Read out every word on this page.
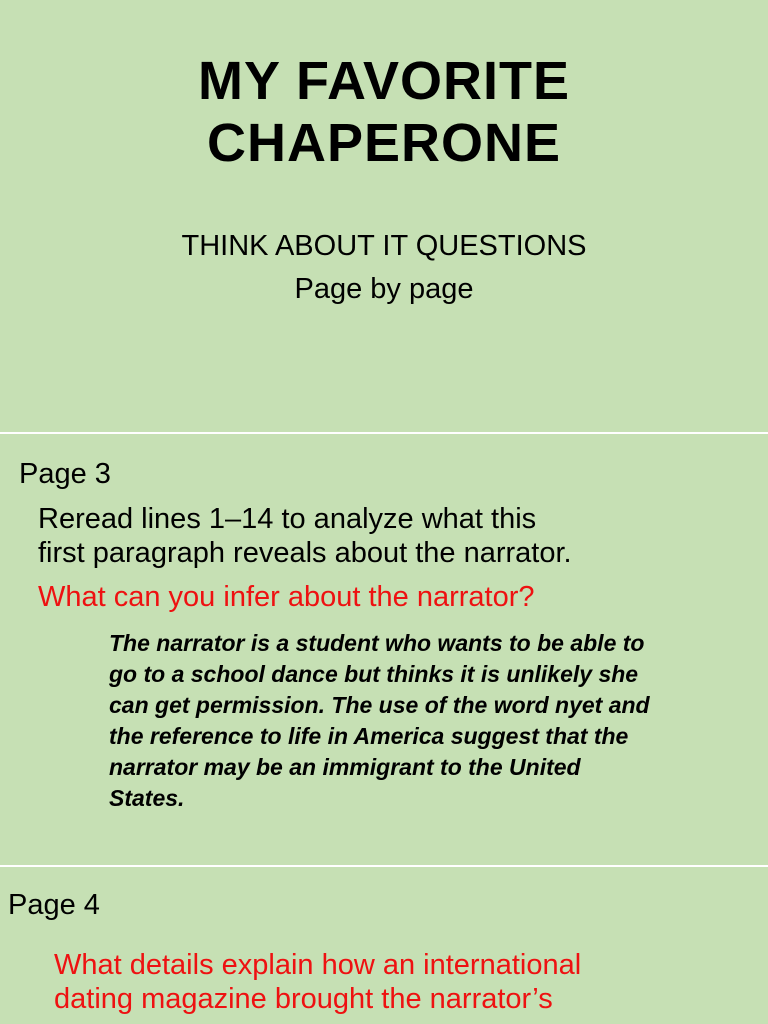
MY FAVORITE
CHAPERONE
THINK ABOUT IT QUESTIONS
Page by page
Page 3
Reread lines 1–14 to analyze what this
first paragraph reveals about the narrator.
What can you infer about the narrator?
The narrator is a student who wants to be able to
go to a school dance but thinks it is unlikely she
can get permission. The use of the word nyet and
the reference to life in America suggest that the
narrator may be an immigrant to the United
States.
Page 4
What details explain how an international
dating magazine brought the narrator’s
